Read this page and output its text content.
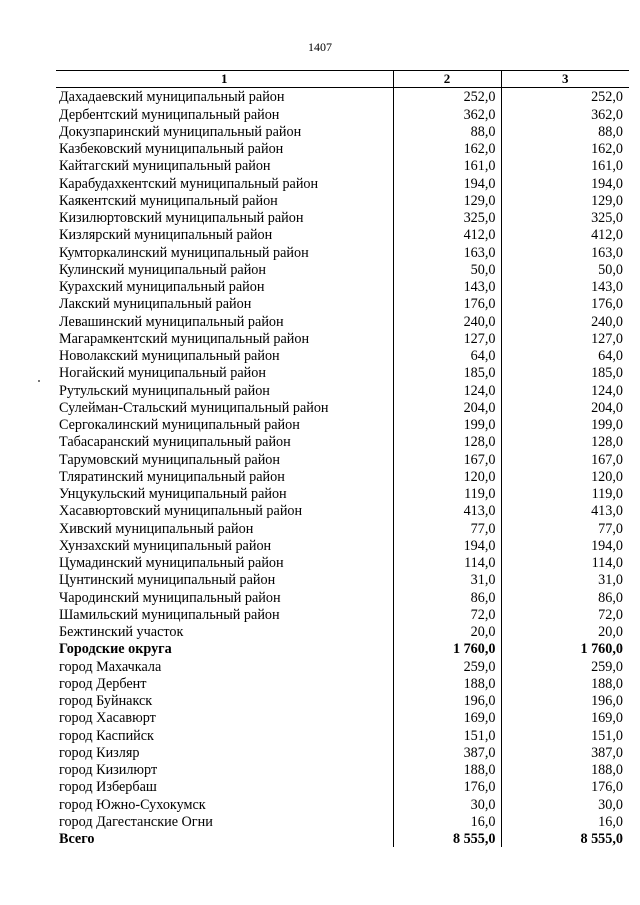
1407
1	2	3
Дахадаевский муниципальный район	252,0	252,0
Дербентский муниципальный район	362,0	362,0
Докузпаринский муниципальный район	88,0	88,0
Казбековский муниципальный район	162,0	162,0
Кайтагский муниципальный район	161,0	161,0
Карабудахкентский муниципальный район	194,0	194,0
Каякентский муниципальный район	129,0	129,0
Кизилюртовский муниципальный район	325,0	325,0
Кизлярский муниципальный район	412,0	412,0
Кумторкалинский муниципальный район	163,0	163,0
Кулинский муниципальный район	50,0	50,0
Курахский муниципальный район	143,0	143,0
Лакский муниципальный район	176,0	176,0
Левашинский муниципальный район	240,0	240,0
Магарамкентский муниципальный район	127,0	127,0
Новолакский муниципальный район	64,0	64,0
Ногайский муниципальный район	185,0	185,0
Рутульский муниципальный район	124,0	124,0
Сулейман-Стальский муниципальный район	204,0	204,0
Сергокалинский муниципальный район	199,0	199,0
Табасаранский муниципальный район	128,0	128,0
Тарумовский муниципальный район	167,0	167,0
Тляратинский муниципальный район	120,0	120,0
Унцукульский муниципальный район	119,0	119,0
Хасавюртовский муниципальный район	413,0	413,0
Хивский муниципальный район	77,0	77,0
Хунзахский муниципальный район	194,0	194,0
Цумадинский муниципальный район	114,0	114,0
Цунтинский муниципальный район	31,0	31,0
Чародинский муниципальный район	86,0	86,0
Шамильский муниципальный район	72,0	72,0
Бежтинский участок	20,0	20,0
Городские округа	1 760,0	1 760,0
город Махачкала	259,0	259,0
город Дербент	188,0	188,0
город Буйнакск	196,0	196,0
город Хасавюрт	169,0	169,0
город Каспийск	151,0	151,0
город Кизляр	387,0	387,0
город Кизилюрт	188,0	188,0
город Избербаш	176,0	176,0
город Южно-Сухокумск	30,0	30,0
город Дагестанские Огни	16,0	16,0
Всего	8 555,0	8 555,0
